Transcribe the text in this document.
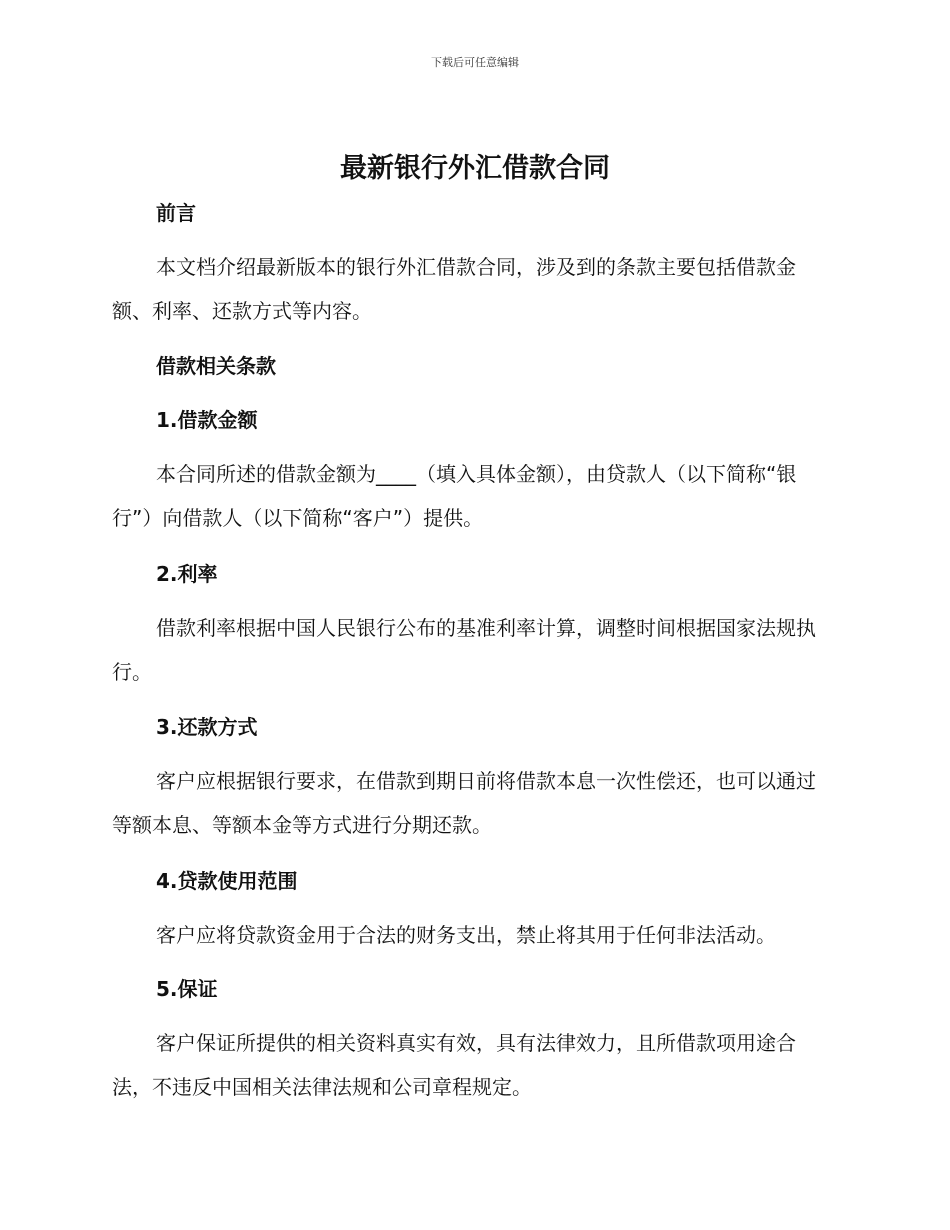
下载后可任意编辑
最新银行外汇借款合同
前言

本文档介绍最新版本的银行外汇借款合同，涉及到的条款主要包括借款金额、利率、还款方式等内容。

借款相关条款
1.借款金额

本合同所述的借款金额为____（填入具体金额），由贷款人（以下简称“银行”）向借款人（以下简称“客户”）提供。

2.利率

借款利率根据中国人民银行公布的基准利率计算，调整时间根据国家法规执行。

3.还款方式

客户应根据银行要求，在借款到期日前将借款本息一次性偿还，也可以通过等额本息、等额本金等方式进行分期还款。

4.贷款使用范围

客户应将贷款资金用于合法的财务支出，禁止将其用于任何非法活动。

5.保证

客户保证所提供的相关资料真实有效，具有法律效力，且所借款项用途合法，不违反中国相关法律法规和公司章程规定。
